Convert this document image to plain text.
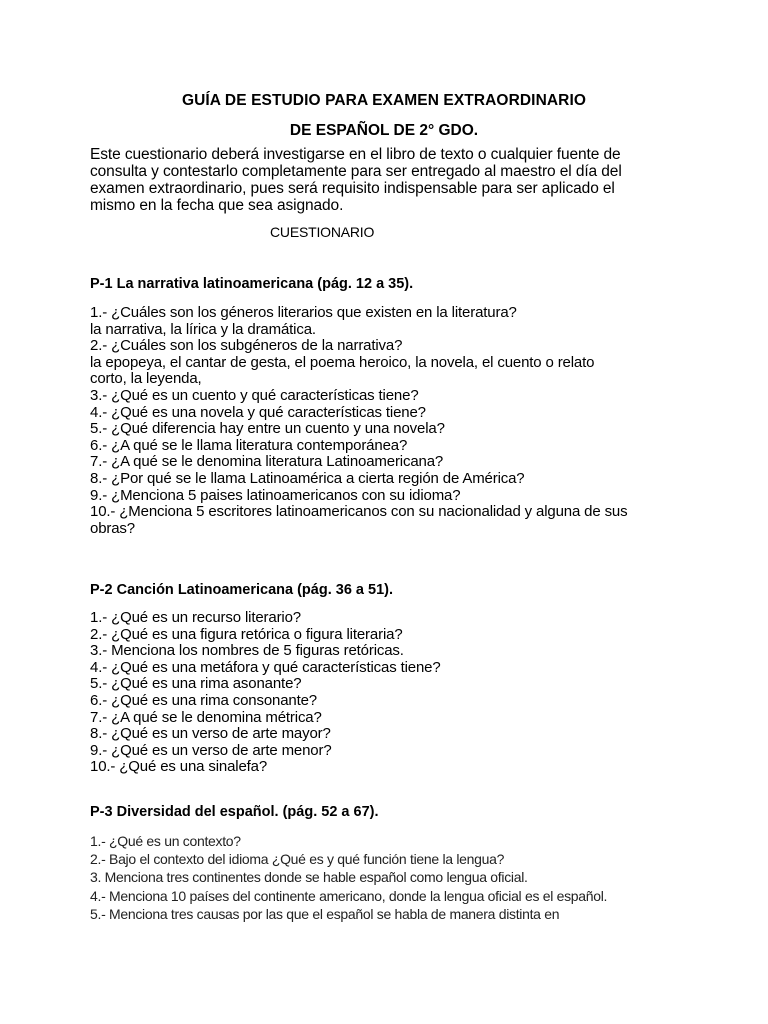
GUÍA DE ESTUDIO PARA EXAMEN EXTRAORDINARIO
DE ESPAÑOL DE 2° GDO.
Este cuestionario deberá investigarse en el libro de texto o cualquier fuente de
consulta y contestarlo completamente para ser entregado al maestro el día del
examen extraordinario, pues será requisito indispensable para ser aplicado el
mismo en la fecha que sea asignado.
CUESTIONARIO
P-1 La narrativa latinoamericana (pág. 12 a 35).
1.- ¿Cuáles son los géneros literarios que existen en la literatura?
la narrativa, la lírica y la dramática.
2.- ¿Cuáles son los subgéneros de la narrativa?
la epopeya, el cantar de gesta, el poema heroico, la novela, el cuento o relato
corto, la leyenda,
3.- ¿Qué es un cuento y qué características tiene?
4.- ¿Qué es una novela y qué características tiene?
5.- ¿Qué diferencia hay entre un cuento y una novela?
6.- ¿A qué se le llama literatura contemporánea?
7.- ¿A qué se le denomina literatura Latinoamericana?
8.- ¿Por qué se le llama Latinoamérica a cierta región de América?
9.- ¿Menciona 5 paises latinoamericanos con su idioma?
10.- ¿Menciona 5 escritores latinoamericanos con su nacionalidad y alguna de sus
obras?
P-2 Canción Latinoamericana (pág. 36 a 51).
1.- ¿Qué es un recurso literario?
2.- ¿Qué es una figura retórica o figura literaria?
3.- Menciona los nombres de 5 figuras retóricas.
4.- ¿Qué es una metáfora y qué características tiene?
5.- ¿Qué es una rima asonante?
6.- ¿Qué es una rima consonante?
7.- ¿A qué se le denomina métrica?
8.- ¿Qué es un verso de arte mayor?
9.- ¿Qué es un verso de arte menor?
10.- ¿Qué es una sinalefa?
P-3 Diversidad del español. (pág. 52 a 67).
1.- ¿Qué es un contexto?
2.- Bajo el contexto del idioma ¿Qué es y qué función tiene la lengua?
3. Menciona tres continentes donde se hable español como lengua oficial.
4.- Menciona 10 países del continente americano, donde la lengua oficial es el español.
5.- Menciona tres causas por las que el español se habla de manera distinta en
